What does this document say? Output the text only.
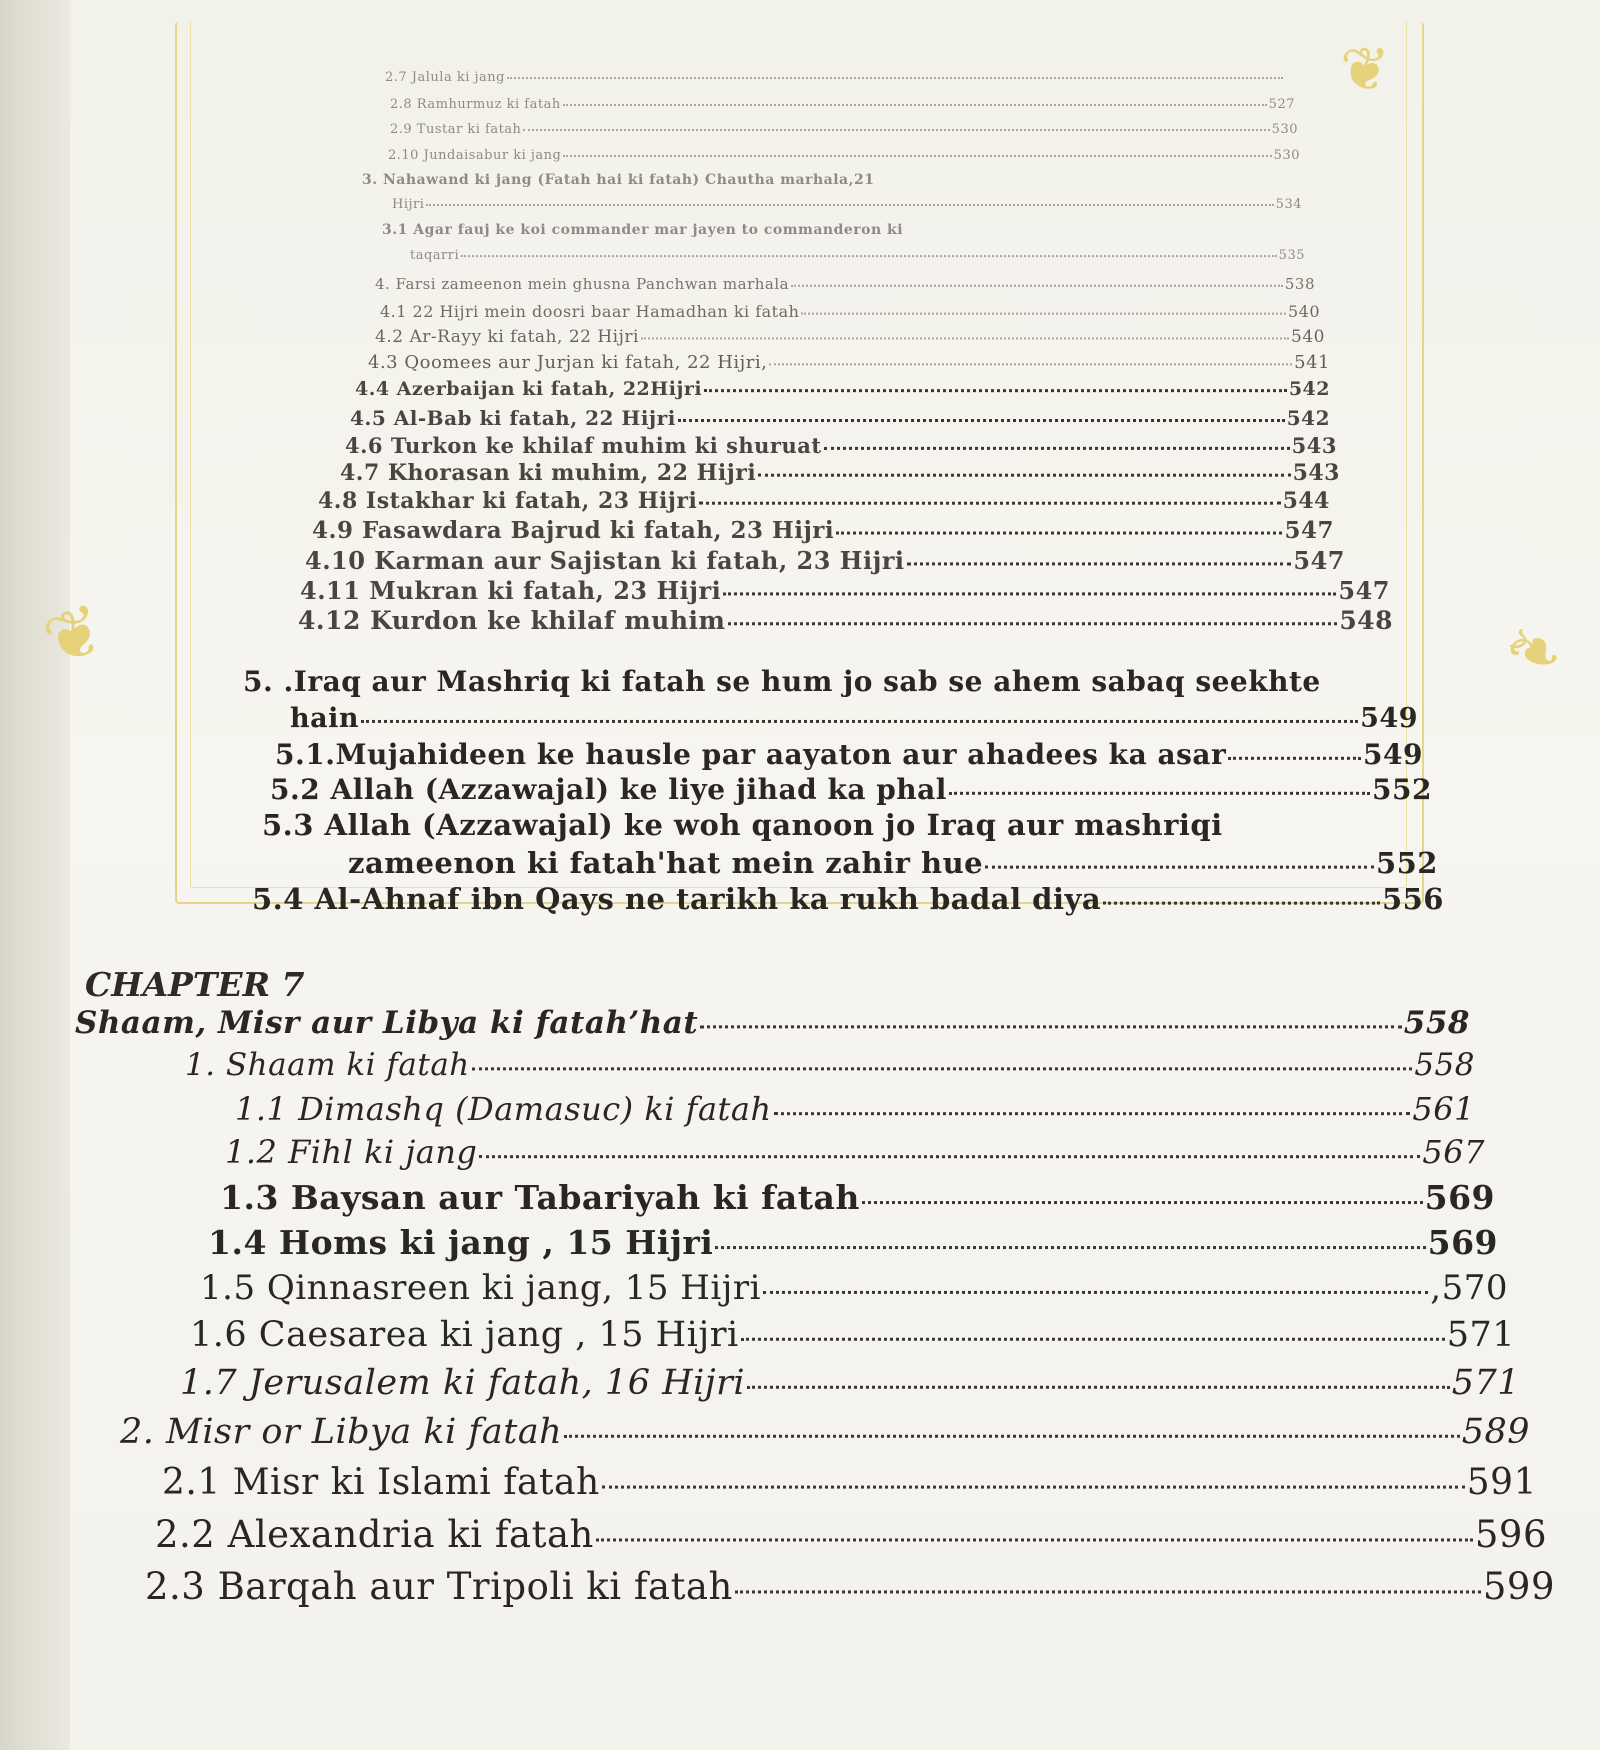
❦	❧
❦
2.7 Jalula ki jang
2.8 Ramhurmuz ki fatah	527
2.9 Tustar ki fatah	530
2.10 Jundaisabur ki jang	530
3. Nahawand ki jang (Fatah hai ki fatah) Chautha marhala,21
Hijri	534
3.1 Agar fauj ke koi commander mar jayen to commanderon ki
taqarri	535
4. Farsi zameenon mein ghusna Panchwan marhala	538
4.1 22 Hijri mein doosri baar Hamadhan ki fatah	540
4.2 Ar-Rayy ki fatah, 22 Hijri	540
4.3 Qoomees aur Jurjan ki fatah, 22 Hijri,	541
4.4 Azerbaijan ki fatah, 22Hijri	542
4.5 Al-Bab ki fatah, 22 Hijri	542
4.6 Turkon ke khilaf muhim ki shuruat	543
4.7 Khorasan ki muhim, 22 Hijri	543
4.8 Istakhar ki fatah, 23 Hijri	544
4.9 Fasawdara Bajrud ki fatah, 23 Hijri	547
4.10 Karman aur Sajistan ki fatah, 23 Hijri	547
4.11 Mukran ki fatah, 23 Hijri	547
4.12 Kurdon ke khilaf muhim	548
5. .Iraq aur Mashriq ki fatah se hum jo sab se ahem sabaq seekhte
hain	549
5.1.Mujahideen ke hausle par aayaton aur ahadees ka asar	549
5.2 Allah (Azzawajal) ke liye jihad ka phal	552
5.3 Allah (Azzawajal) ke woh qanoon jo Iraq aur mashriqi
zameenon ki fatah'hat mein zahir hue	552
5.4 Al-Ahnaf ibn Qays ne tarikh ka rukh badal diya	556
CHAPTER 7
Shaam, Misr aur Libya ki fatah’hat	558
1. Shaam ki fatah	558
1.1 Dimashq (Damasuc) ki fatah	561
1.2 Fihl ki jang	567
1.3 Baysan aur Tabariyah ki fatah	569
1.4 Homs ki jang , 15 Hijri	569
1.5 Qinnasreen ki jang, 15 Hijri	,570
1.6 Caesarea ki jang , 15 Hijri	571
1.7 Jerusalem ki fatah, 16 Hijri	571
2. Misr or Libya ki fatah	589
2.1 Misr ki Islami fatah	591
2.2 Alexandria ki fatah	596
2.3 Barqah aur Tripoli ki fatah	599
